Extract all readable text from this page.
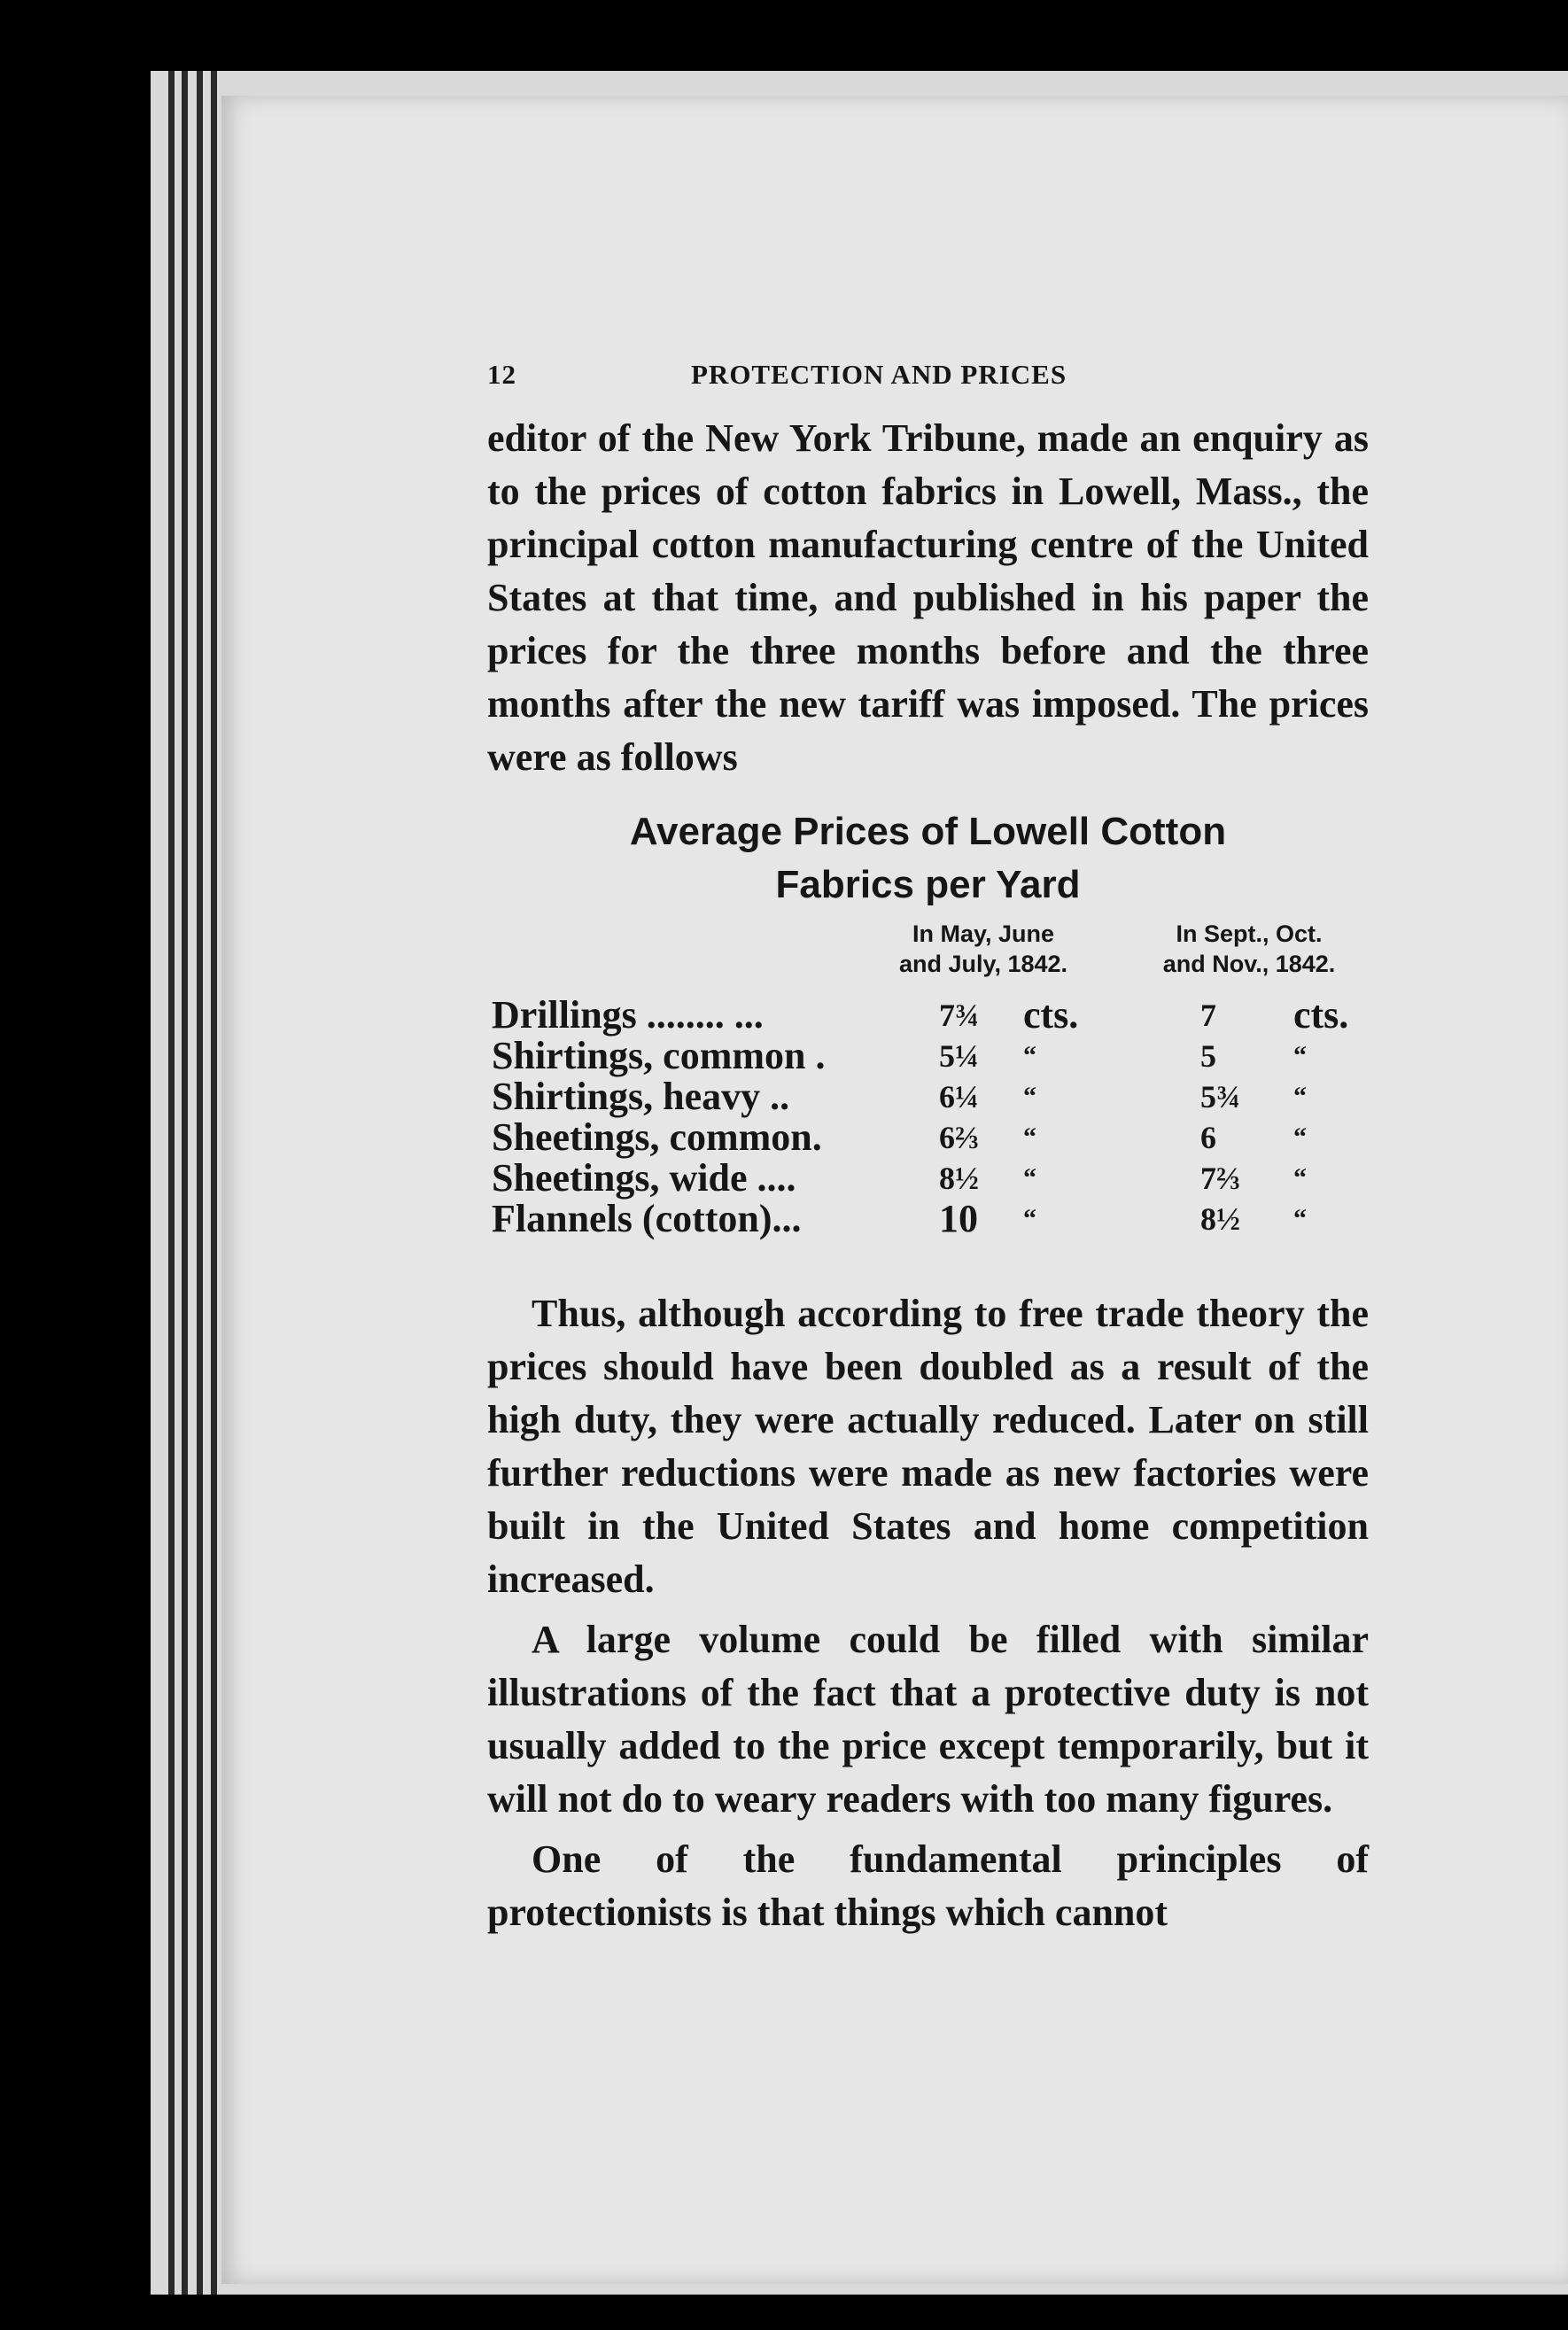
12	PROTECTION AND PRICES

editor of the New York Tribune, made an enquiry as to the prices of cotton fabrics in Lowell, Mass., the principal cotton manufacturing centre of the United States at that time, and published in his paper the prices for the three months before and the three months after the new tariff was imposed. The prices were as follows

Average Prices of Lowell Cotton
Fabrics per Yard
In May, June
and July, 1842.
In Sept., Oct.
and Nov., 1842.
Drillings ........ ...	7¾ cts.	7 cts.
Shirtings, common .	5¼ “	5	“
Shirtings, heavy ..	6¼ “	5¾ “
Sheetings, common.	6⅔ “	6	“
Sheetings, wide ....	8½ “	7⅔ “
Flannels (cotton)...	10 “	8½ “

Thus, although according to free trade theory the prices should have been doubled as a result of the high duty, they were actually reduced. Later on still further reductions were made as new factories were built in the United States and home competition increased.

A large volume could be filled with similar illustrations of the fact that a protective duty is not usually added to the price except temporarily, but it will not do to weary readers with too many figures.

One of the fundamental principles of protectionists is that things which cannot
